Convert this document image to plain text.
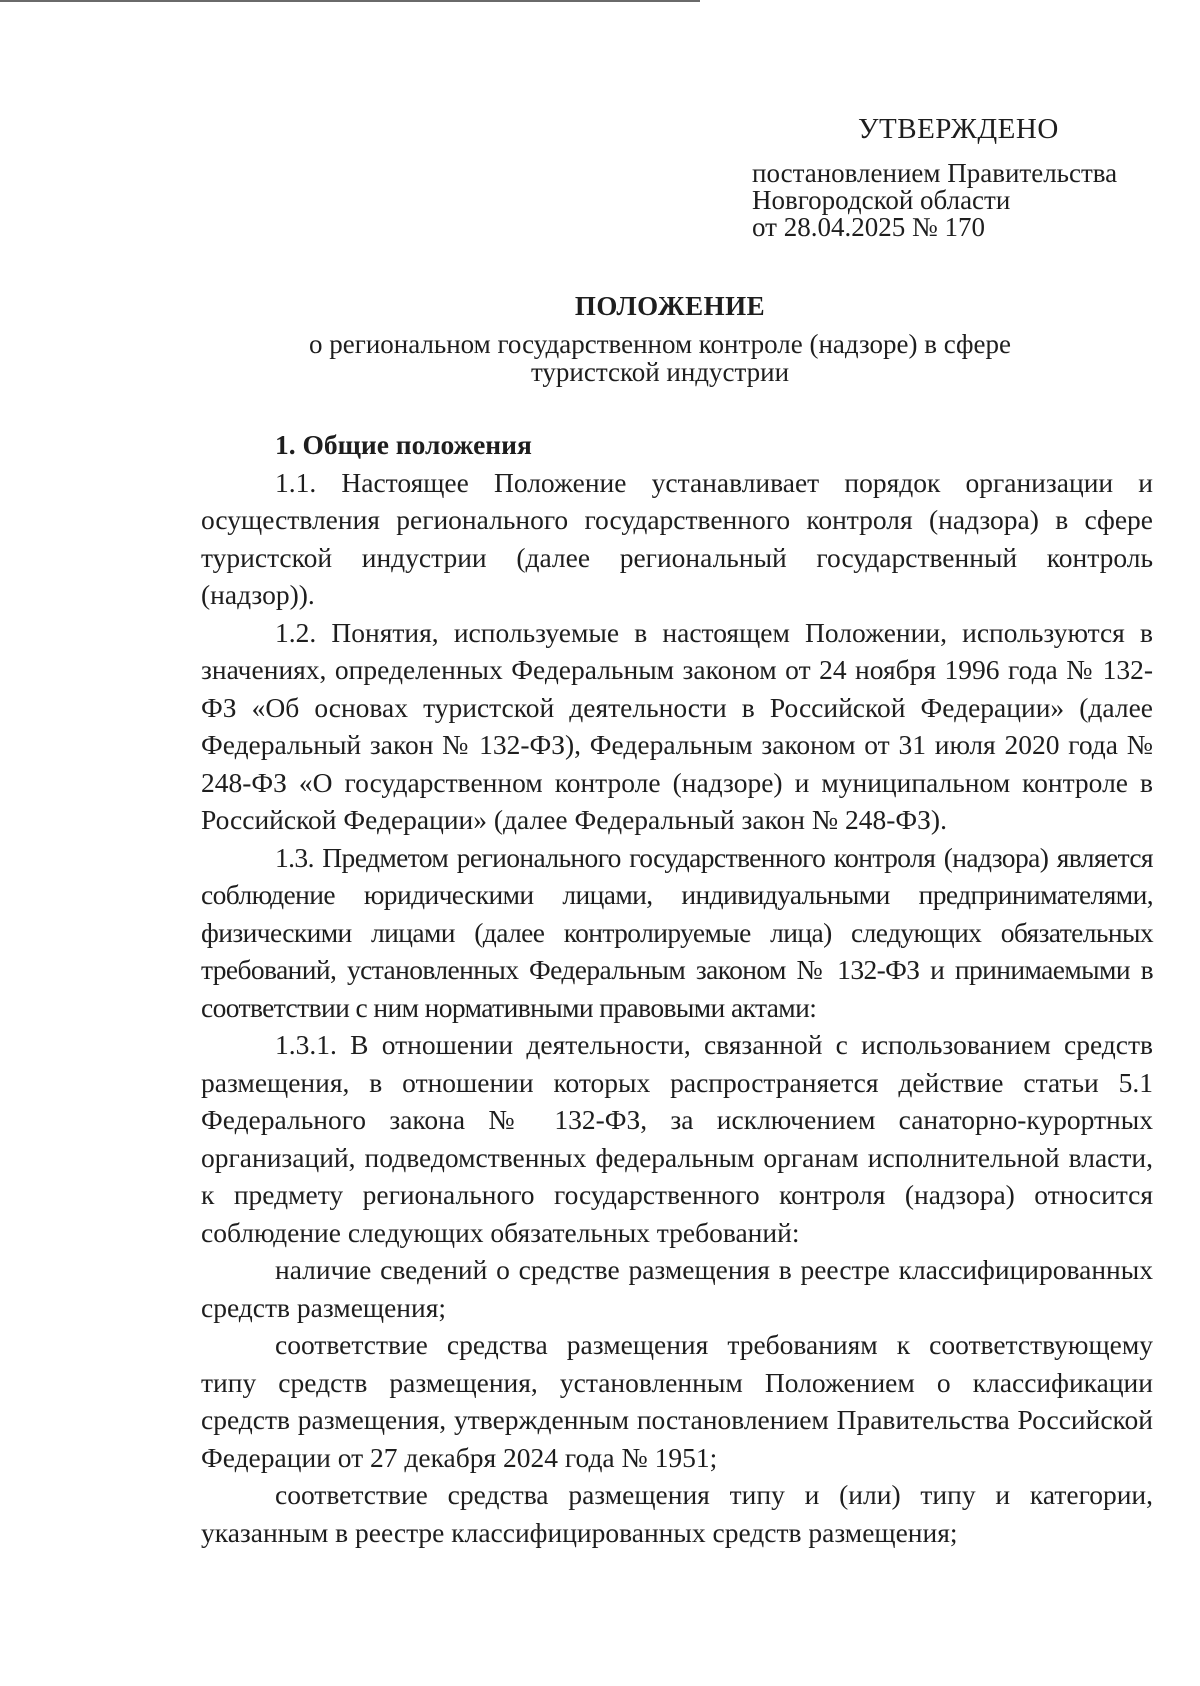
УТВЕРЖДЕНО
постановлением Правительства
Новгородской области
от 28.04.2025 № 170
ПОЛОЖЕНИЕ
о региональном государственном контроле (надзоре) в сфере
туристской индустрии
1. Общие положения

1.1. Настоящее Положение устанавливает порядок организации и осуществления регионального государственного контроля (надзора) в сфере туристской индустрии (далее региональный государственный контроль (надзор)).

1.2. Понятия, используемые в настоящем Положении, используются в значениях, определенных Федеральным законом от 24 ноября 1996 года № 132-ФЗ «Об основах туристской деятельности в Российской Федерации» (далее Федеральный закон № 132-ФЗ), Федеральным законом от 31 июля 2020 года № 248-ФЗ «О государственном контроле (надзоре) и муниципальном контроле в Российской Федерации» (далее Федеральный закон № 248-ФЗ).

1.3. Предметом регионального государственного контроля (надзора) является соблюдение юридическими лицами, индивидуальными предпринимателями, физическими лицами (далее контролируемые лица) следующих обязательных требований, установленных Федеральным законом № 132-ФЗ и принимаемыми в соответствии с ним нормативными правовыми актами:

1.3.1. В отношении деятельности, связанной с использованием средств размещения, в отношении которых распространяется действие статьи 5.1 Федерального закона № 132-ФЗ, за исключением санаторно-курортных организаций, подведомственных федеральным органам исполнительной власти, к предмету регионального государственного контроля (надзора) относится соблюдение следующих обязательных требований:

наличие сведений о средстве размещения в реестре классифицированных средств размещения;

соответствие средства размещения требованиям к соответствующему типу средств размещения, установленным Положением о классификации средств размещения, утвержденным постановлением Правительства Российской Федерации от 27 декабря 2024 года № 1951;

соответствие средства размещения типу и (или) типу и категории, указанным в реестре классифицированных средств размещения;
